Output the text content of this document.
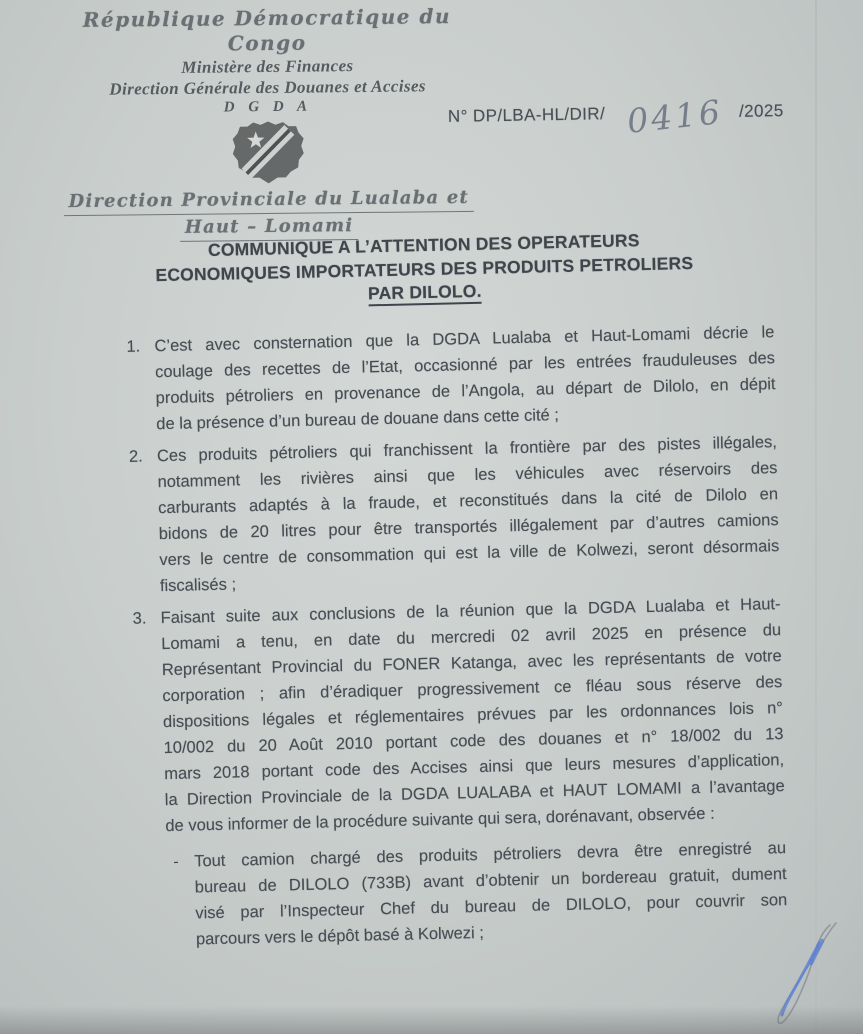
République Démocratique du Congo
Ministère des Finances
Direction Générale des Douanes et Accises
D G D A
Direction Provinciale du Lualaba et
Haut – Lomami
N° DP/LBA-HL/DIR/ 0416 /2025
COMMUNIQUE A L’ATTENTION DES OPERATEURS
ECONOMIQUES IMPORTATEURS DES PRODUITS PETROLIERS
PAR DILOLO.
1. C’est avec consternation que la DGDA Lualaba et Haut-Lomami décrie le
coulage des recettes de l’Etat, occasionné par les entrées frauduleuses des
produits pétroliers en provenance de l’Angola, au départ de Dilolo, en dépit
de la présence d’un bureau de douane dans cette cité ;
2. Ces produits pétroliers qui franchissent la frontière par des pistes illégales,
notamment les rivières ainsi que les véhicules avec réservoirs des
carburants adaptés à la fraude, et reconstitués dans la cité de Dilolo en
bidons de 20 litres pour être transportés illégalement par d’autres camions
vers le centre de consommation qui est la ville de Kolwezi, seront désormais
fiscalisés ;
3. Faisant suite aux conclusions de la réunion que la DGDA Lualaba et Haut-
Lomami a tenu, en date du mercredi 02 avril 2025 en présence du
Représentant Provincial du FONER Katanga, avec les représentants de votre
corporation ; afin d’éradiquer progressivement ce fléau sous réserve des
dispositions légales et réglementaires prévues par les ordonnances lois n°
10/002 du 20 Août 2010 portant code des douanes et n° 18/002 du 13
mars 2018 portant code des Accises ainsi que leurs mesures d’application,
la Direction Provinciale de la DGDA LUALABA et HAUT LOMAMI a l’avantage
de vous informer de la procédure suivante qui sera, dorénavant, observée :
- Tout camion chargé des produits pétroliers devra être enregistré au
bureau de DILOLO (733B) avant d’obtenir un bordereau gratuit, dument
visé par l’Inspecteur Chef du bureau de DILOLO, pour couvrir son
parcours vers le dépôt basé à Kolwezi ;
